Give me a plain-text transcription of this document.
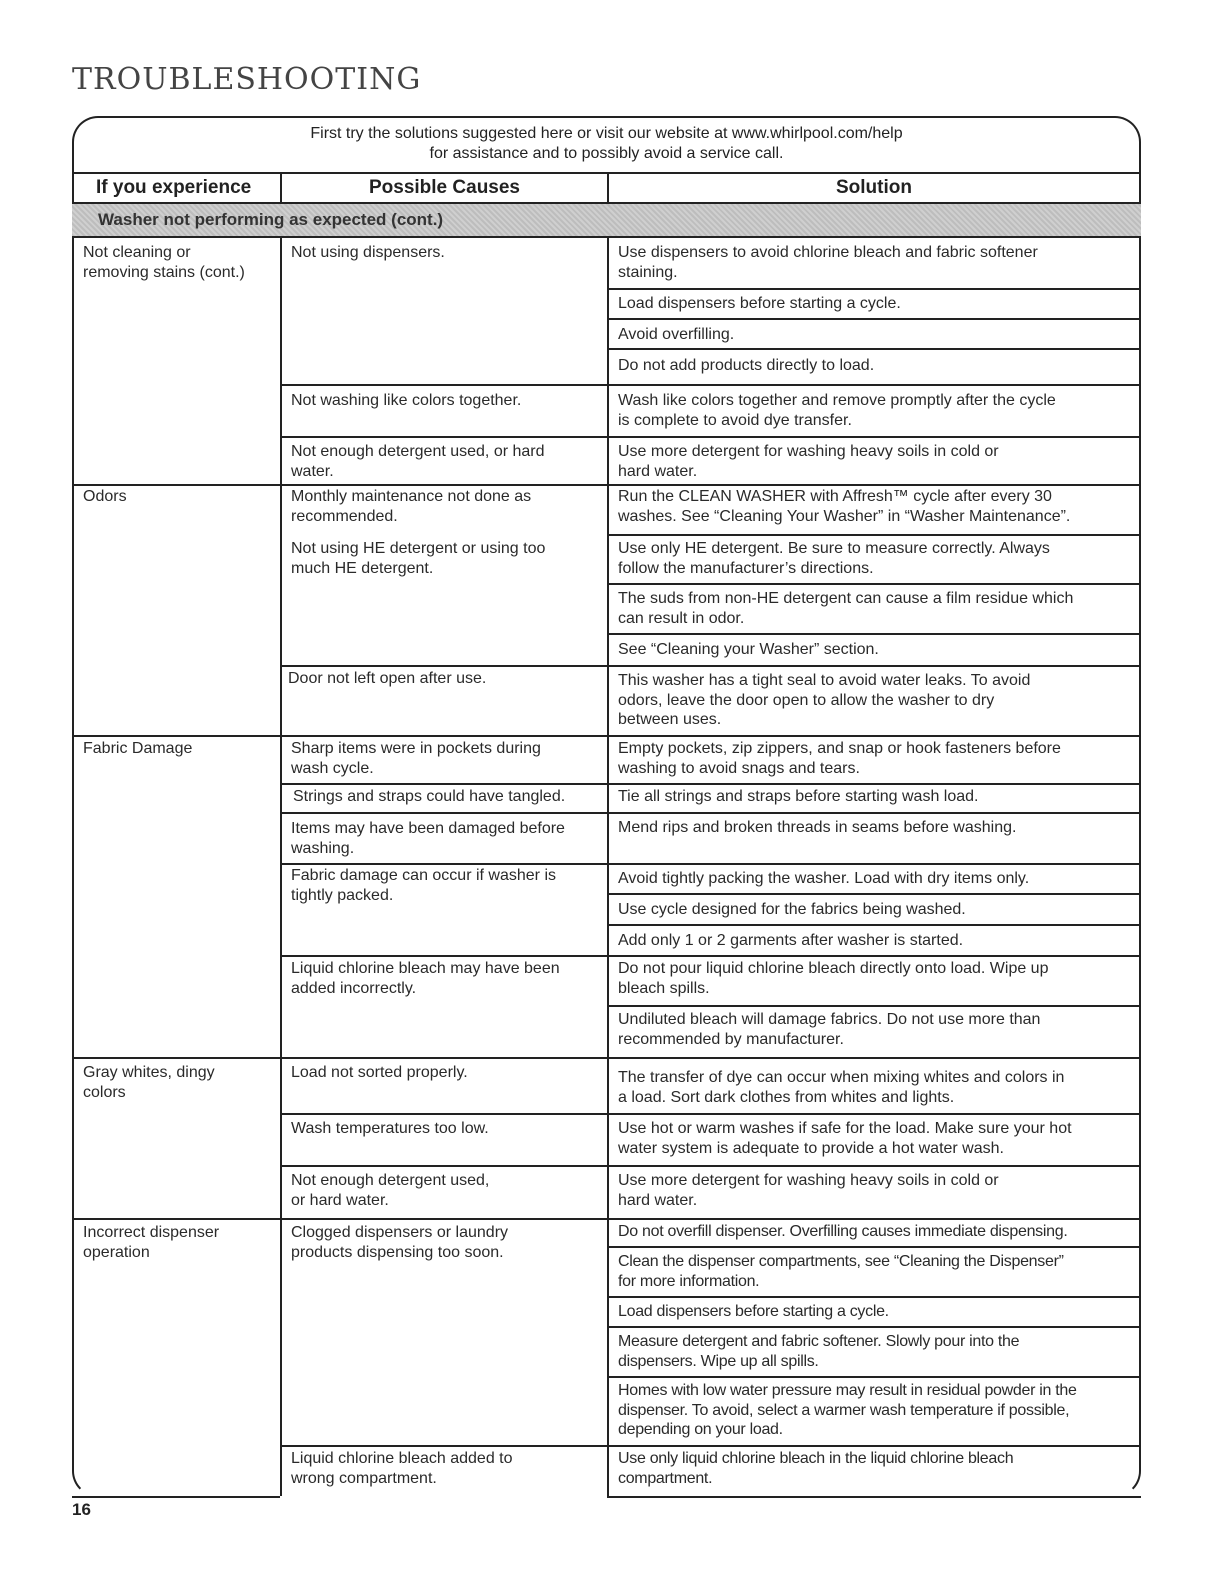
TROUBLESHOOTING
First try the solutions suggested here or visit our website at www.whirlpool.com/help
for assistance and to possibly avoid a service call.
If you experience	Possible Causes	Solution
Washer not performing as expected (cont.)
Not cleaning or
removing stains (cont.)
Odors
Fabric Damage
Gray whites, dingy
colors
Incorrect dispenser
operation
Not using dispensers.
Not washing like colors together.
Not enough detergent used, or hard
water.
Monthly maintenance not done as
recommended.
Not using HE detergent or using too
much HE detergent.
Door not left open after use.
Sharp items were in pockets during
wash cycle.
Strings and straps could have tangled.
Items may have been damaged before
washing.
Fabric damage can occur if washer is
tightly packed.
Liquid chlorine bleach may have been
added incorrectly.
Load not sorted properly.
Wash temperatures too low.
Not enough detergent used,
or hard water.
Clogged dispensers or laundry
products dispensing too soon.
Liquid chlorine bleach added to
wrong compartment.
Use dispensers to avoid chlorine bleach and fabric softener
staining.
Load dispensers before starting a cycle.
Avoid overfilling.
Do not add products directly to load.
Wash like colors together and remove promptly after the cycle
is complete to avoid dye transfer.
Use more detergent for washing heavy soils in cold or
hard water.
Run the CLEAN WASHER with Affresh™ cycle after every 30
washes. See “Cleaning Your Washer” in “Washer Maintenance”.
Use only HE detergent. Be sure to measure correctly. Always
follow the manufacturer’s directions.
The suds from non-HE detergent can cause a film residue which
can result in odor.
See “Cleaning your Washer” section.
This washer has a tight seal to avoid water leaks. To avoid
odors, leave the door open to allow the washer to dry
between uses.
Empty pockets, zip zippers, and snap or hook fasteners before
washing to avoid snags and tears.
Tie all strings and straps before starting wash load.
Mend rips and broken threads in seams before washing.
Avoid tightly packing the washer. Load with dry items only.
Use cycle designed for the fabrics being washed.
Add only 1 or 2 garments after washer is started.
Do not pour liquid chlorine bleach directly onto load. Wipe up
bleach spills.
Undiluted bleach will damage fabrics. Do not use more than
recommended by manufacturer.
The transfer of dye can occur when mixing whites and colors in
a load. Sort dark clothes from whites and lights.
Use hot or warm washes if safe for the load. Make sure your hot
water system is adequate to provide a hot water wash.
Use more detergent for washing heavy soils in cold or
hard water.
Do not overfill dispenser. Overfilling causes immediate dispensing.
Clean the dispenser compartments, see “Cleaning the Dispenser”
for more information.
Load dispensers before starting a cycle.
Measure detergent and fabric softener. Slowly pour into the
dispensers. Wipe up all spills.
Homes with low water pressure may result in residual powder in the
dispenser. To avoid, select a warmer wash temperature if possible,
depending on your load.
Use only liquid chlorine bleach in the liquid chlorine bleach
compartment.
16
